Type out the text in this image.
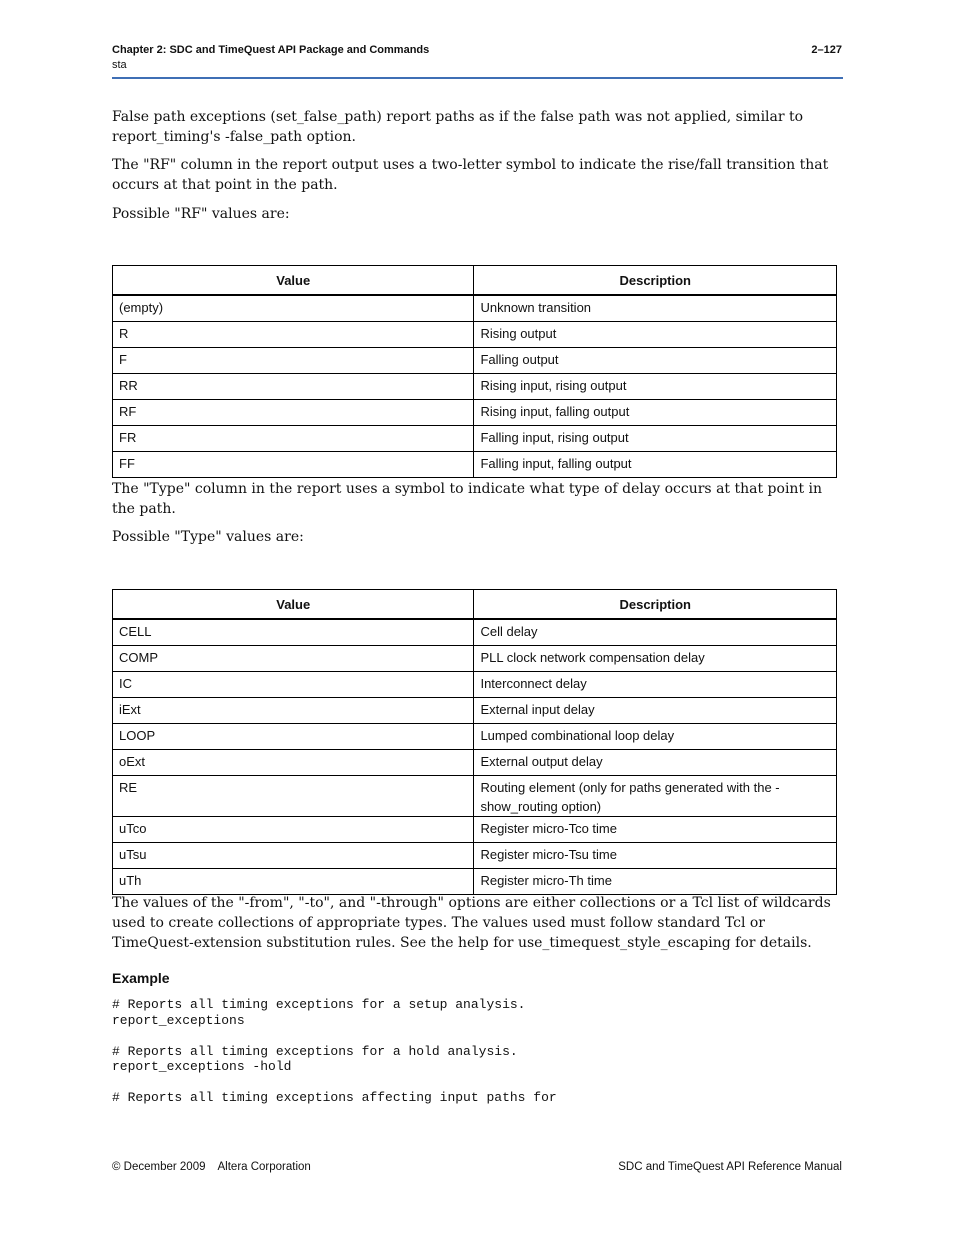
Chapter 2: SDC and TimeQuest API Package and Commands	2–127
sta

False path exceptions (set_false_path) report paths as if the false path was not applied, similar to report_timing's -false_path option.

The "RF" column in the report output uses a two-letter symbol to indicate the rise/fall transition that occurs at that point in the path.

Possible "RF" values are:

Value	Description
(empty)	Unknown transition
R	Rising output
F	Falling output
RR	Rising input, rising output
RF	Rising input, falling output
FR	Falling input, rising output
FF	Falling input, falling output

The "Type" column in the report uses a symbol to indicate what type of delay occurs at that point in the path.

Possible "Type" values are:

Value	Description
CELL	Cell delay
COMP	PLL clock network compensation delay
IC	Interconnect delay
iExt	External input delay
LOOP	Lumped combinational loop delay
oExt	External output delay
RE	Routing element (only for paths generated with the -show_routing option)
uTco	Register micro-Tco time
uTsu	Register micro-Tsu time
uTh	Register micro-Th time

The values of the "-from", "-to", and "-through" options are either collections or a Tcl list of wildcards used to create collections of appropriate types. The values used must follow standard Tcl or TimeQuest-extension substitution rules. See the help for use_timequest_style_escaping for details.

Example
# Reports all timing exceptions for a setup analysis.
report_exceptions

# Reports all timing exceptions for a hold analysis.
report_exceptions -hold

# Reports all timing exceptions affecting input paths for
© December 2009 Altera Corporation	SDC and TimeQuest API Reference Manual
